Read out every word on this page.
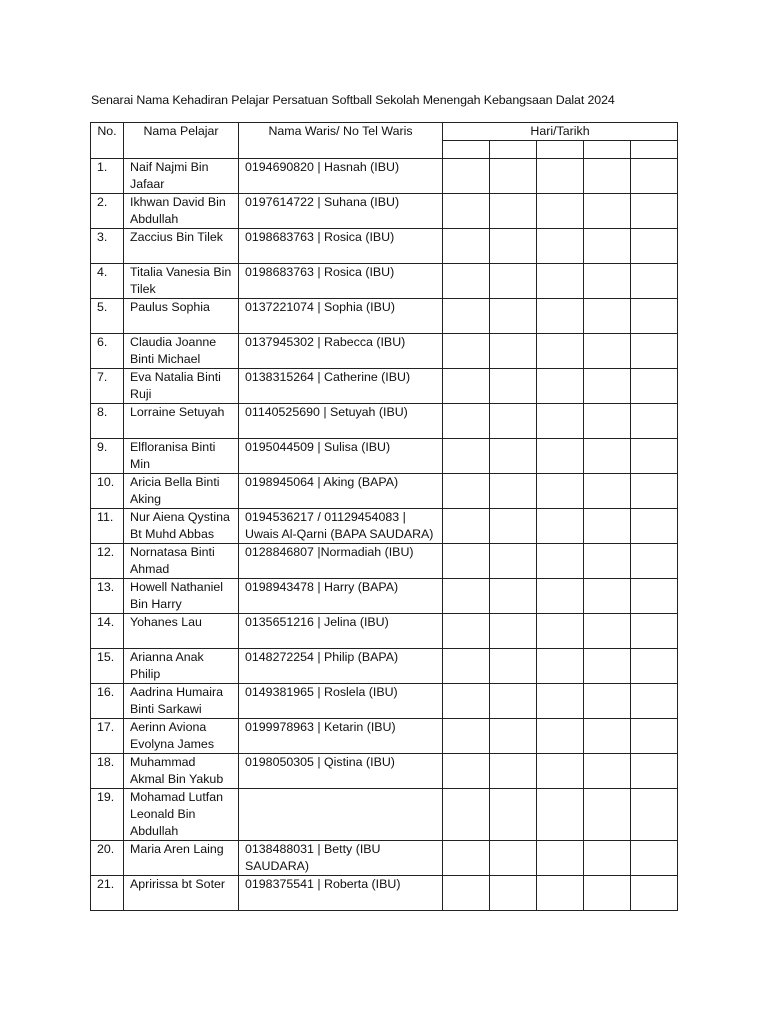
Senarai Nama Kehadiran Pelajar Persatuan Softball Sekolah Menengah Kebangsaan Dalat 2024
No.	Nama Pelajar	Nama Waris/ No Tel Waris	Hari/Tarikh				

1.	Naif Najmi Bin Jafaar	0194690820 | Hasnah (IBU)					
2.	Ikhwan David Bin Abdullah	0197614722 | Suhana (IBU)					
3.	Zaccius Bin Tilek	0198683763 | Rosica (IBU)					
4.	Titalia Vanesia Bin Tilek	0198683763 | Rosica (IBU)					
5.	Paulus Sophia	0137221074 | Sophia (IBU)					
6.	Claudia Joanne Binti Michael	0137945302 | Rabecca (IBU)					
7.	Eva Natalia Binti Ruji	0138315264 | Catherine (IBU)					
8.	Lorraine Setuyah	01140525690 | Setuyah (IBU)					
9.	Elfloranisa Binti Min	0195044509 | Sulisa (IBU)					
10.	Aricia Bella Binti Aking	0198945064 | Aking (BAPA)					
11.	Nur Aiena Qystina Bt Muhd Abbas	0194536217 / 01129454083 | Uwais Al-Qarni (BAPA SAUDARA)					
12.	Nornatasa Binti Ahmad	0128846807 |Normadiah (IBU)					
13.	Howell Nathaniel Bin Harry	0198943478 | Harry (BAPA)					
14.	Yohanes Lau	0135651216 | Jelina (IBU)					
15.	Arianna Anak Philip	0148272254 | Philip (BAPA)					
16.	Aadrina Humaira Binti Sarkawi	0149381965 | Roslela (IBU)					
17.	Aerinn Aviona Evolyna James	0199978963 | Ketarin (IBU)					
18.	Muhammad Akmal Bin Yakub	0198050305 | Qistina (IBU)					
19.	Mohamad Lutfan Leonald Bin Abdullah						
20.	Maria Aren Laing	0138488031 | Betty (IBU SAUDARA)					
21.	Apririssa bt Soter	0198375541 | Roberta (IBU)					
